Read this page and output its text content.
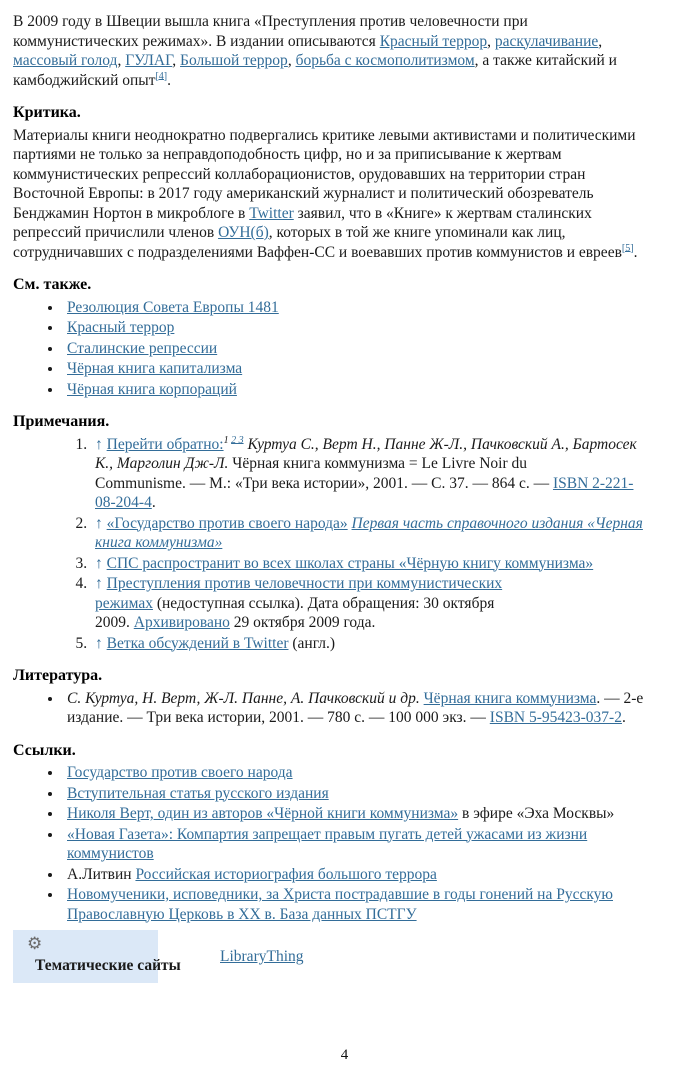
В 2009 году в Швеции вышла книга «Преступления против человечности при коммунистических режимах». В издании описываются Красный террор, раскулачивание, массовый голод, ГУЛАГ, Большой террор, борьба с космополитизмом, а также китайский и камбоджийский опыт[4].

Критика.

Материалы книги неоднократно подвергались критике левыми активистами и политическими партиями не только за неправдоподобность цифр, но и за приписывание к жертвам коммунистических репрессий коллаборационистов, орудовавших на территории стран Восточной Европы: в 2017 году американский журналист и политический обозреватель Бенджамин Нортон в микроблоге в Twitter заявил, что в «Книге» к жертвам сталинских репрессий причислили членов ОУН(б), которых в той же книге упоминали как лиц, сотрудничавших с подразделениями Ваффен-СС и воевавших против коммунистов и евреев[5].

См. также.
• Резолюция Совета Европы 1481
• Красный террор
• Сталинские репрессии
• Чёрная книга капитализма
• Чёрная книга корпораций
Примечания.
1. ↑ Перейти обратно:$^1$ $^{2 3}$ Куртуа С., Верт Н., Панне Ж-Л., Пачковский А., Бартосек
К., Марголин Дж-Л. Чёрная книга коммунизма = Le Livre Noir du
Communisme. — М.: «Три века истории», 2001. — С. 37. — 864 с. — ISBN 2-221-
08-204-4.
2. ↑ «Государство против своего народа» Первая часть справочного издания «Черная
книга коммунизма»
3. ↑ СПС распространит во всех школах страны «Чёрную книгу коммунизма»
4. ↑ Преступления против человечности при коммунистических
режимах (недоступная ссылка). Дата обращения: 30 октября
2009. Архивировано 29 октября 2009 года.
5. ↑ Ветка обсуждений в Twitter (англ.)
Литература.
• С. Куртуа, Н. Верт, Ж-Л. Панне, А. Пачковский и др. Чёрная книга коммунизма. — 2-е издание. — Три века истории, 2001. — 780 с. — 100 000 экз. — ISBN 5-95423-037-2.
Ссылки.
• Государство против своего народа
• Вступительная статья русского издания
• Николя Верт, один из авторов «Чёрной книги коммунизма» в эфире «Эха Москвы»
• «Новая Газета»: Компартия запрещает правым пугать детей ужасами из жизни коммунистов
• А.Литвин Российская историография большого террора
• Новомученики, исповедники, за Христа пострадавшие в годы гонений на Русскую Православную Церковь в XX в. База данных ПСТГУ
⚙
Тематические сайты
LibraryThing
4
